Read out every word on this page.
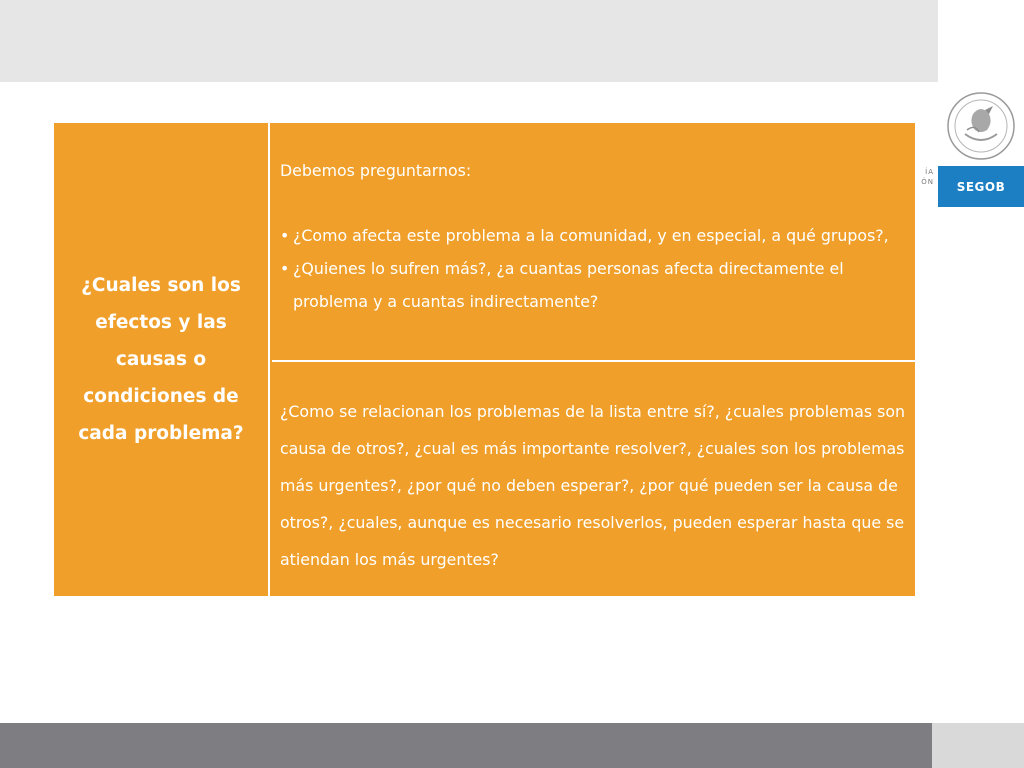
ÍA
ÓN SEGOB
¿Cuales son los efectos y las causas o condiciones de cada problema?
Debemos preguntarnos:
• ¿Como afecta este problema a la comunidad, y en especial, a qué grupos?,
• ¿Quienes lo sufren más?, ¿a cuantas personas afecta directamente el problema y a cuantas indirectamente?
¿Como se relacionan los problemas de la lista entre sí?, ¿cuales problemas son causa de otros?, ¿cual es más importante resolver?, ¿cuales son los problemas más urgentes?, ¿por qué no deben esperar?, ¿por qué pueden ser la causa de otros?, ¿cuales, aunque es necesario resolverlos, pueden esperar hasta que se atiendan los más urgentes?
